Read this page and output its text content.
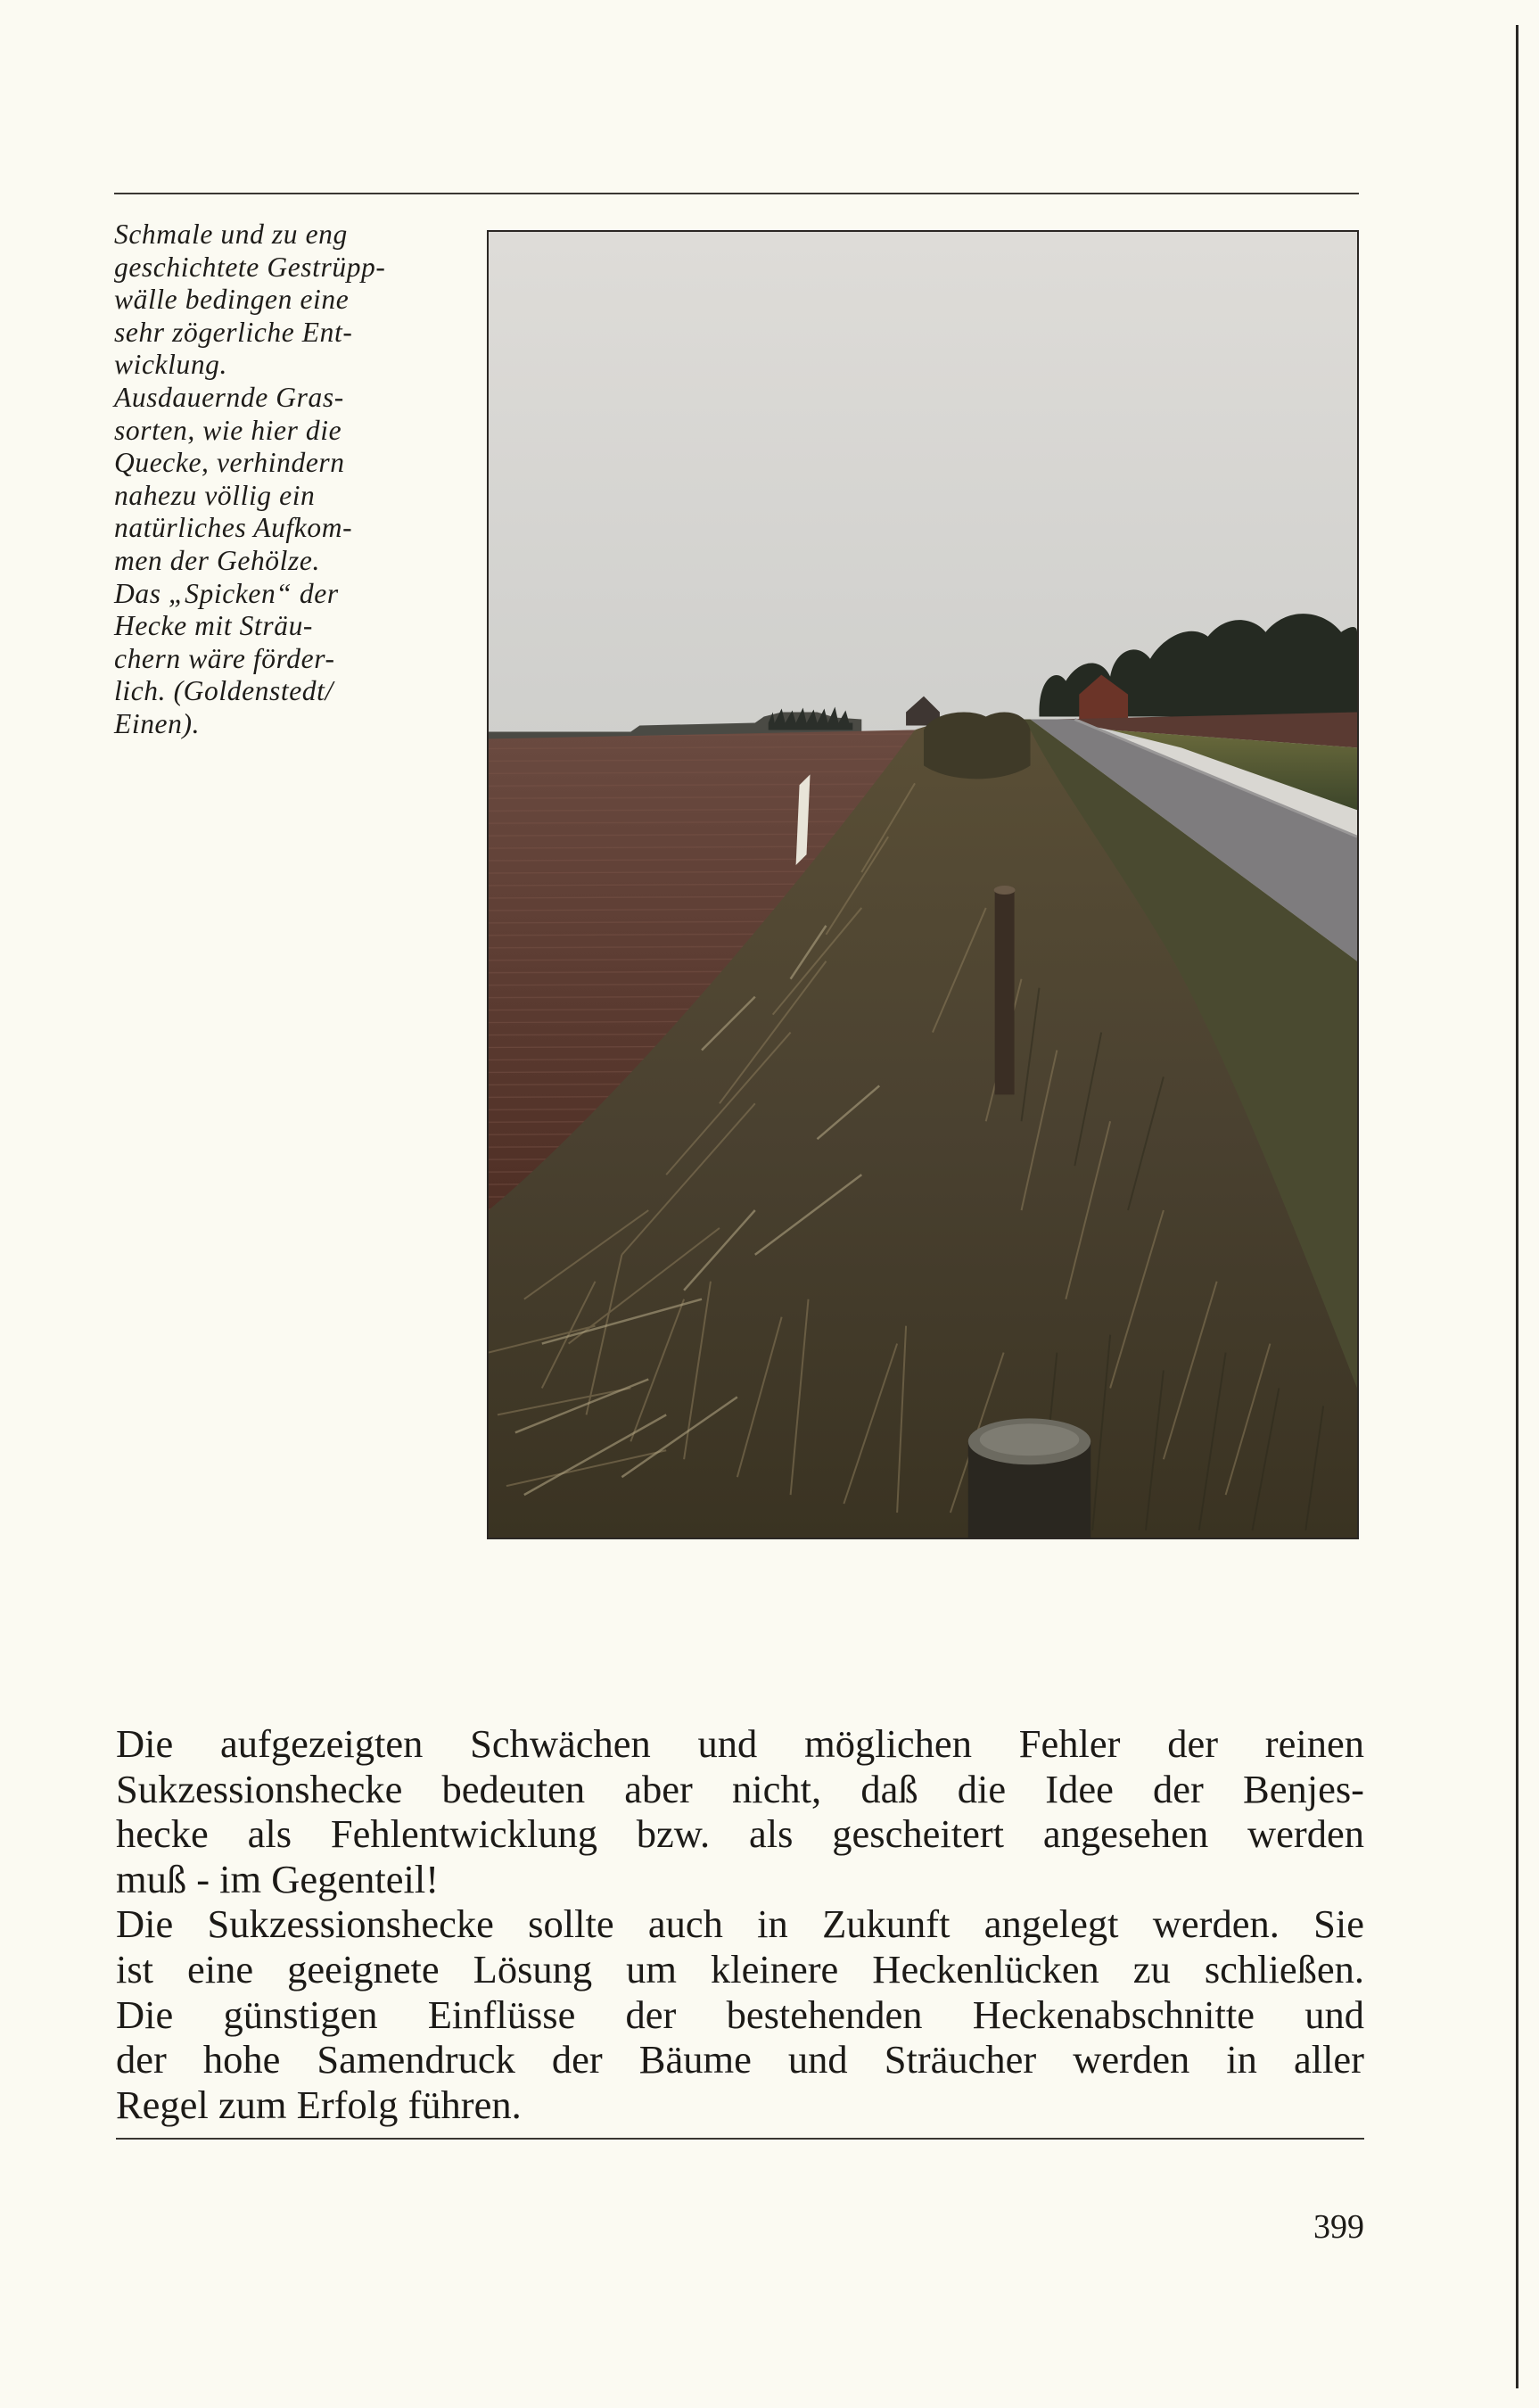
Schmale und zu eng
geschichtete Gestrüpp-
wälle bedingen eine
sehr zögerliche Ent-
wicklung.
Ausdauernde Gras-
sorten, wie hier die
Quecke, verhindern
nahezu völlig ein
natürliches Aufkom-
men der Gehölze.
Das „Spicken“ der
Hecke mit Sträu-
chern wäre förder-
lich. (Goldenstedt/
Einen).
Die aufgezeigten Schwächen und möglichen Fehler der reinen
Sukzessionshecke bedeuten aber nicht, daß die Idee der Benjes-
hecke als Fehlentwicklung bzw. als gescheitert angesehen werden
muß - im Gegenteil!
Die Sukzessionshecke sollte auch in Zukunft angelegt werden. Sie
ist eine geeignete Lösung um kleinere Heckenlücken zu schließen.
Die günstigen Einflüsse der bestehenden Heckenabschnitte und
der hohe Samendruck der Bäume und Sträucher werden in aller
Regel zum Erfolg führen.
399
